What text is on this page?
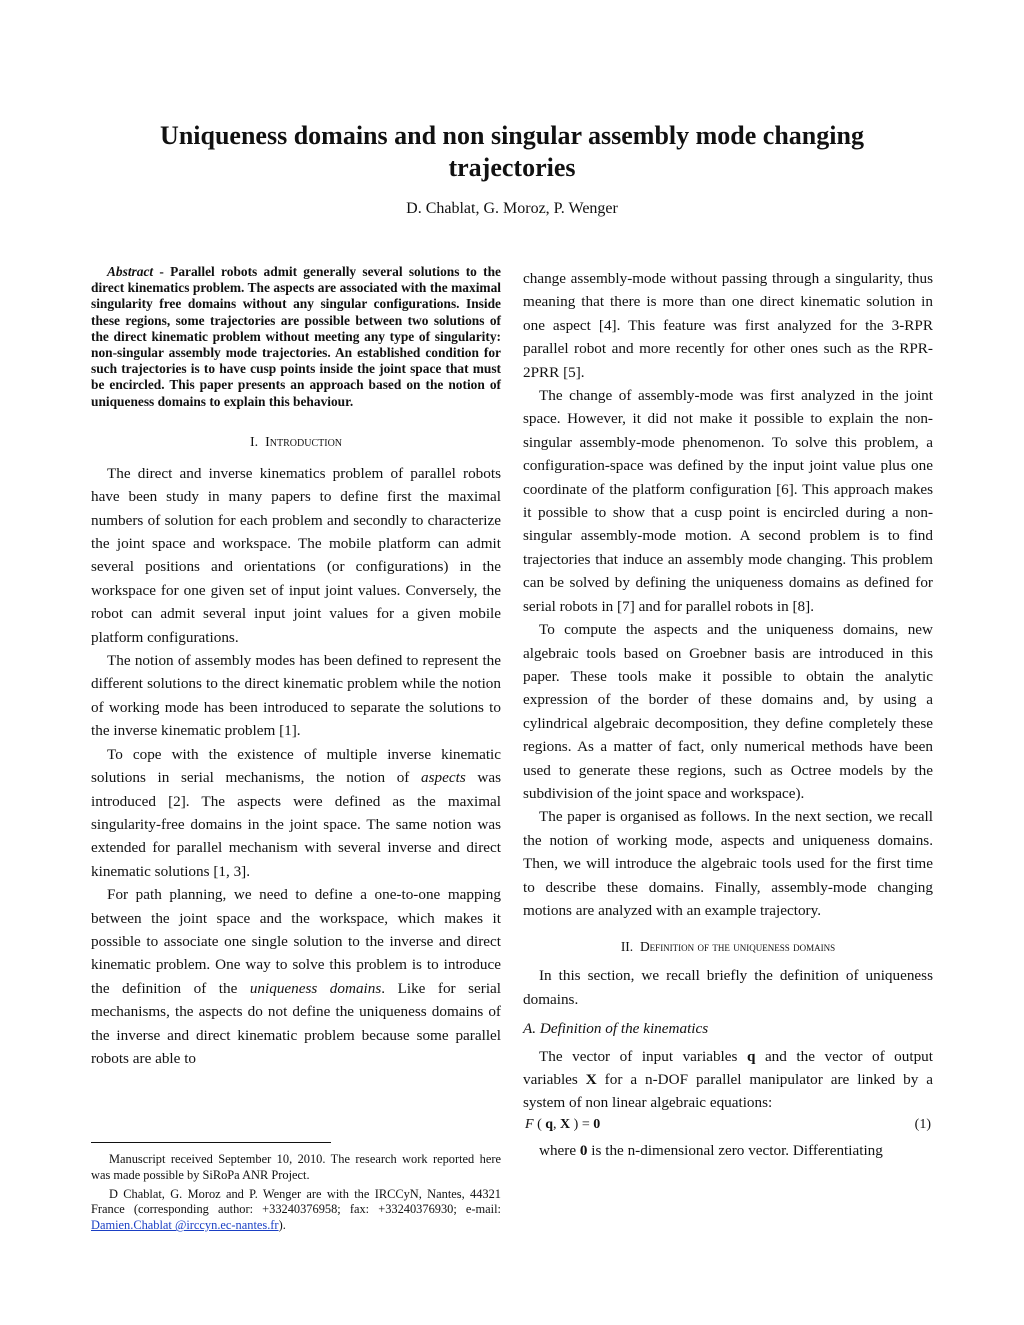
Uniqueness domains and non singular assembly mode changing trajectories
D. Chablat, G. Moroz, P. Wenger

Abstract - Parallel robots admit generally several solutions to the direct kinematics problem. The aspects are associated with the maximal singularity free domains without any singular configurations. Inside these regions, some trajectories are possible between two solutions of the direct kinematic problem without meeting any type of singularity: non-singular assembly mode trajectories. An established condition for such trajectories is to have cusp points inside the joint space that must be encircled. This paper presents an approach based on the notion of uniqueness domains to explain this behaviour.

I. Introduction

The direct and inverse kinematics problem of parallel robots have been study in many papers to define first the maximal numbers of solution for each problem and secondly to characterize the joint space and workspace. The mobile platform can admit several positions and orientations (or configurations) in the workspace for one given set of input joint values. Conversely, the robot can admit several input joint values for a given mobile platform configurations.

The notion of assembly modes has been defined to represent the different solutions to the direct kinematic problem while the notion of working mode has been introduced to separate the solutions to the inverse kinematic problem [1].

To cope with the existence of multiple inverse kinematic solutions in serial mechanisms, the notion of aspects was introduced [2]. The aspects were defined as the maximal singularity-free domains in the joint space. The same notion was extended for parallel mechanism with several inverse and direct kinematic solutions [1, 3].

For path planning, we need to define a one-to-one mapping between the joint space and the workspace, which makes it possible to associate one single solution to the inverse and direct kinematic problem. One way to solve this problem is to introduce the definition of the uniqueness domains. Like for serial mechanisms, the aspects do not define the uniqueness domains of the inverse and direct kinematic problem because some parallel robots are able to

Manuscript received September 10, 2010. The research work reported here was made possible by SiRoPa ANR Project.

D Chablat, G. Moroz and P. Wenger are with the IRCCyN, Nantes, 44321 France (corresponding author: +33240376958; fax: +33240376930; e-mail: Damien.Chablat @irccyn.ec-nantes.fr).

change assembly-mode without passing through a singularity, thus meaning that there is more than one direct kinematic solution in one aspect [4]. This feature was first analyzed for the 3-RPR parallel robot and more recently for other ones such as the RPR-2PRR [5].

The change of assembly-mode was first analyzed in the joint space. However, it did not make it possible to explain the non-singular assembly-mode phenomenon. To solve this problem, a configuration-space was defined by the input joint value plus one coordinate of the platform configuration [6]. This approach makes it possible to show that a cusp point is encircled during a non-singular assembly-mode motion. A second problem is to find trajectories that induce an assembly mode changing. This problem can be solved by defining the uniqueness domains as defined for serial robots in [7] and for parallel robots in [8].

To compute the aspects and the uniqueness domains, new algebraic tools based on Groebner basis are introduced in this paper. These tools make it possible to obtain the analytic expression of the border of these domains and, by using a cylindrical algebraic decomposition, they define completely these regions. As a matter of fact, only numerical methods have been used to generate these regions, such as Octree models by the subdivision of the joint space and workspace).

The paper is organised as follows. In the next section, we recall the notion of working mode, aspects and uniqueness domains. Then, we will introduce the algebraic tools used for the first time to describe these domains. Finally, assembly-mode changing motions are analyzed with an example trajectory.

II. Definition of the uniqueness domains

In this section, we recall briefly the definition of uniqueness domains.

A. Definition of the kinematics

The vector of input variables q and the vector of output variables X for a n-DOF parallel manipulator are linked by a system of non linear algebraic equations:

F ( q, X ) = 0	(1)

where 0 is the n-dimensional zero vector. Differentiating
